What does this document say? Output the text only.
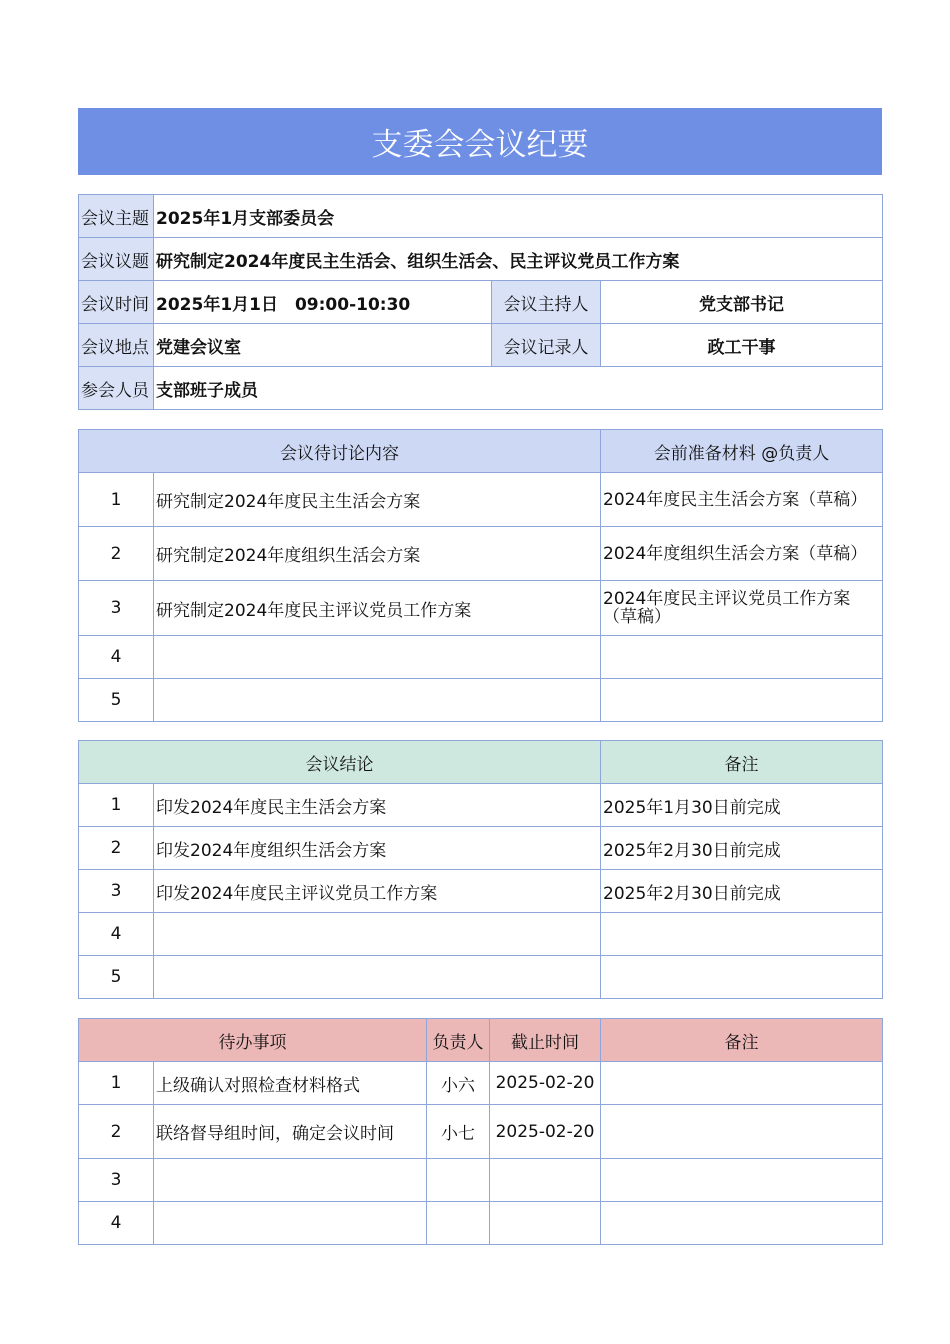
支委会会议纪要
会议主题	2025年1月支部委员会		
会议议题	研究制定2024年度民主生活会、组织生活会、民主评议党员工作方案		
会议时间	2025年1月1日　09:00-10:30	会议主持人	党支部书记
会议地点	党建会议室	会议记录人	政工干事
参会人员	支部班子成员		
会议待讨论内容		会前准备材料 @负责人
1	研究制定2024年度民主生活会方案	2024年度民主生活会方案（草稿）
2	研究制定2024年度组织生活会方案	2024年度组织生活会方案（草稿）
3	研究制定2024年度民主评议党员工作方案	2024年度民主评议党员工作方案（草稿）
4		
5		
会议结论		备注
1	印发2024年度民主生活会方案	2025年1月30日前完成
2	印发2024年度组织生活会方案	2025年2月30日前完成
3	印发2024年度民主评议党员工作方案	2025年2月30日前完成
4		
5		
待办事项		负责人	截止时间	备注
1	上级确认对照检查材料格式	小六	2025-02-20	
2	联络督导组时间，确定会议时间	小七	2025-02-20	
3				
4				
